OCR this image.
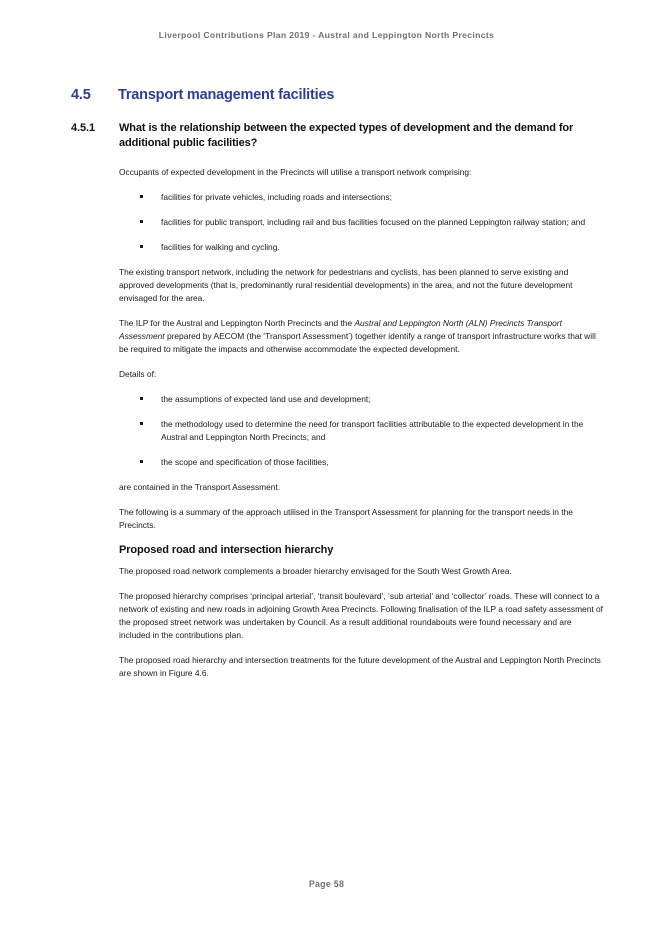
Liverpool Contributions Plan 2019 - Austral and Leppington North Precincts
4.5 Transport management facilities
4.5.1 What is the relationship between the expected types of development and the demand for additional public facilities?

Occupants of expected development in the Precincts will utilise a transport network comprising:

facilities for private vehicles, including roads and intersections;
facilities for public transport, including rail and bus facilities focused on the planned Leppington railway station; and
facilities for walking and cycling.

The existing transport network, including the network for pedestrians and cyclists, has been planned to serve existing and approved developments (that is, predominantly rural residential developments) in the area, and not the future development envisaged for the area.

The ILP for the Austral and Leppington North Precincts and the Austral and Leppington North (ALN) Precincts Transport Assessment prepared by AECOM (the ‘Transport Assessment’) together identify a range of transport infrastructure works that will be required to mitigate the impacts and otherwise accommodate the expected development.

Details of:

the assumptions of expected land use and development;
the methodology used to determine the need for transport facilities attributable to the expected development in the Austral and Leppington North Precincts; and
the scope and specification of those facilities,

are contained in the Transport Assessment.

The following is a summary of the approach utilised in the Transport Assessment for planning for the transport needs in the Precincts.

Proposed road and intersection hierarchy

The proposed road network complements a broader hierarchy envisaged for the South West Growth Area.

The proposed hierarchy comprises ‘principal arterial’, ‘transit boulevard’, ‘sub arterial’ and ‘collector’ roads. These will connect to a network of existing and new roads in adjoining Growth Area Precincts. Following finalisation of the ILP a road safety assessment of the proposed street network was undertaken by Council. As a result additional roundabouts were found necessary and are included in the contributions plan.

The proposed road hierarchy and intersection treatments for the future development of the Austral and Leppington North Precincts are shown in Figure 4.6.

Page 58
